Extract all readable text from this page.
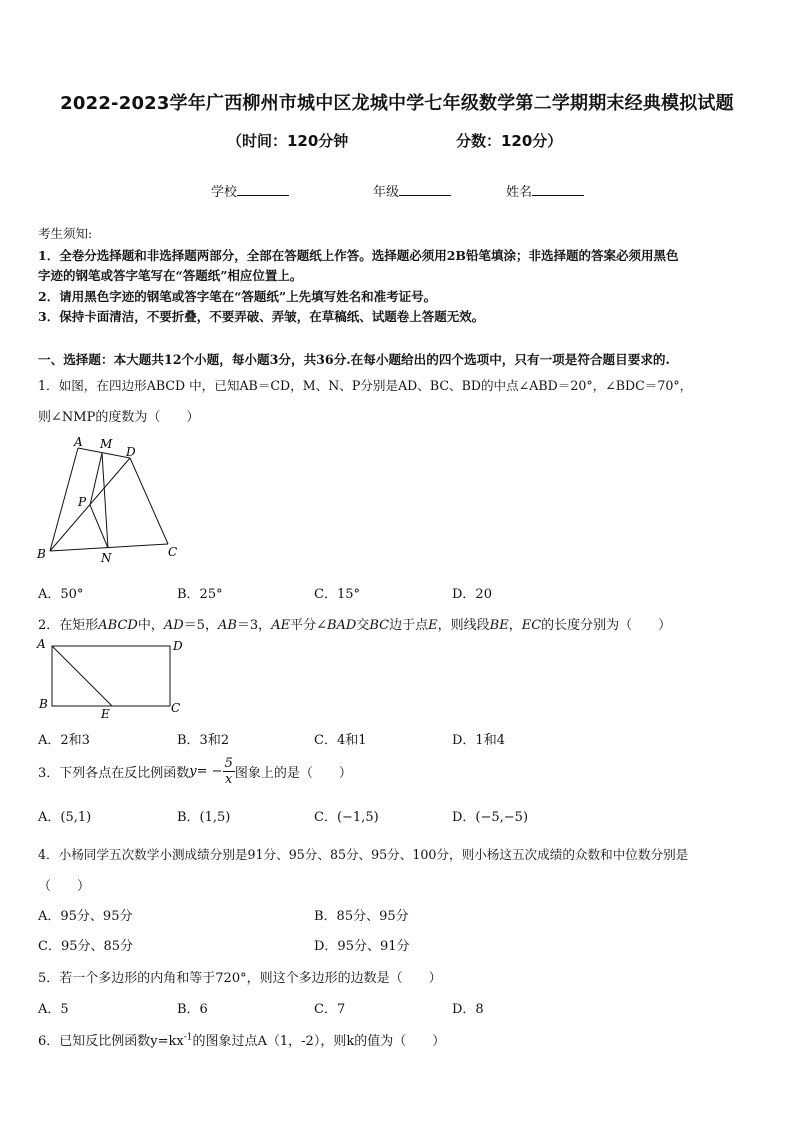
2022-2023学年广西柳州市城中区龙城中学七年级数学第二学期期末经典模拟试题
（时间：120分钟	分数：120分）
学校	年级	姓名
考生须知:
1．全卷分选择题和非选择题两部分，全部在答题纸上作答。选择题必须用2B铅笔填涂；非选择题的答案必须用黑色
字迹的钢笔或答字笔写在“答题纸”相应位置上。
2．请用黑色字迹的钢笔或答字笔在“答题纸”上先填写姓名和准考证号。
3．保持卡面清洁，不要折叠，不要弄破、弄皱，在草稿纸、试题卷上答题无效。
一、选择题：本大题共12个小题，每小题3分，共36分.在每小题给出的四个选项中，只有一项是符合题目要求的.
1．如图，在四边形ABCD 中，已知AB＝CD，M、N、P分别是AD、BC、BD的中点∠ABD＝20°，∠BDC＝70°，
则∠NMP的度数为（　　）
A M
D
P
B	N	C
A．50°	B．25°	C．15°	D．20
2．在矩形ABCD中，AD＝5，AB＝3，AE平分∠BAD交BC边于点E，则线段BE，EC的长度分别为（　　）
A	D
B
E	C
A．2和3	B．3和2	C．4和1	D．1和4
3．下列各点在反比例函数$y= - \frac{5}{x}$ 图象上的是（　　）
A．(5,1)	B．(1,5)	C．(−1,5)	D．(−5,−5)
4．小杨同学五次数学小测成绩分别是91分、95分、85分、95分、100分，则小杨这五次成绩的众数和中位数分别是
（　　）
A．95分、95分	B．85分、95分
C．95分、85分	D．95分、91分
5．若一个多边形的内角和等于720°，则这个多边形的边数是（　　）
A．5	B．6	C．7	D．8
6．已知反比例函数$y=kx^{-1}$的图象过点A（1，-2），则k的值为（　　）
